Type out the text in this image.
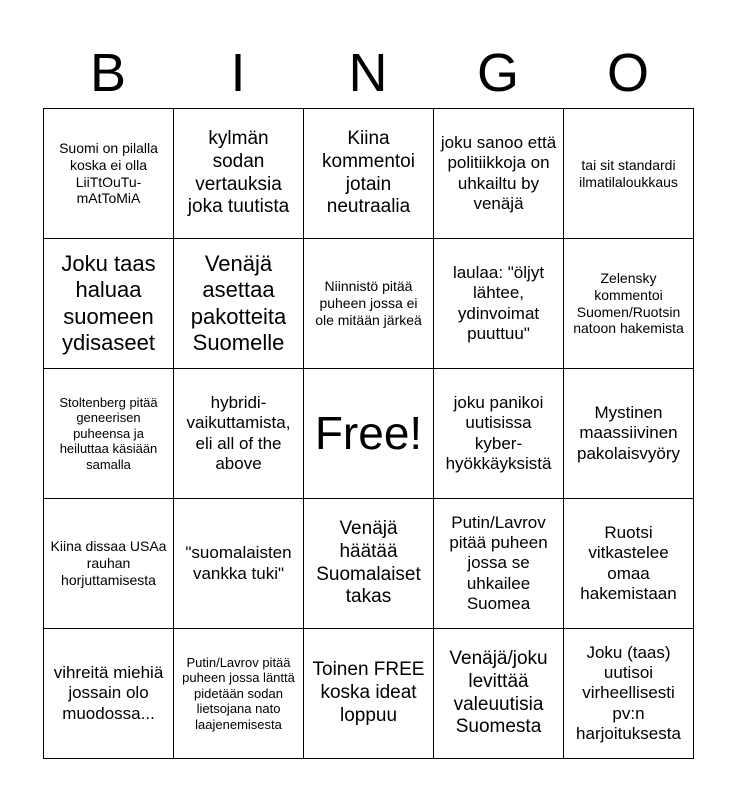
B	I	N	G	O
Suomi on pilalla koska ei olla LiiTtOuTu-mAtToMiA	kylmän sodan vertauksia joka tuutista	Kiina kommentoi jotain neutraalia	joku sanoo että politiikkoja on uhkailtu by venäjä	tai sit standardi ilmatilaloukkaus
Joku taas haluaa suomeen ydisaseet	Venäjä asettaa pakotteita Suomelle	Niinnistö pitää puheen jossa ei ole mitään järkeä	laulaa: "öljyt lähtee, ydinvoimat puuttuu"	Zelensky kommentoi Suomen/Ruotsin natoon hakemista
Stoltenberg pitää geneerisen puheensa ja heiluttaa käsiään samalla	hybridi-vaikuttamista, eli all of the above	Free!	joku panikoi uutisissa kyber-hyökkäyksistä	Mystinen maassiivinen pakolaisvyöry
Kiina dissaa USAa rauhan horjuttamisesta	"suomalaisten vankka tuki"	Venäjä häätää Suomalaiset takas	Putin/Lavrov pitää puheen jossa se uhkailee Suomea	Ruotsi vitkastelee omaa hakemistaan
vihreitä miehiä jossain olo muodossa...	Putin/Lavrov pitää puheen jossa länttä pidetään sodan lietsojana nato laajenemisesta	Toinen FREE koska ideat loppuu	Venäjä/joku levittää valeuutisia Suomesta	Joku (taas) uutisoi virheellisesti pv:n harjoituksesta
